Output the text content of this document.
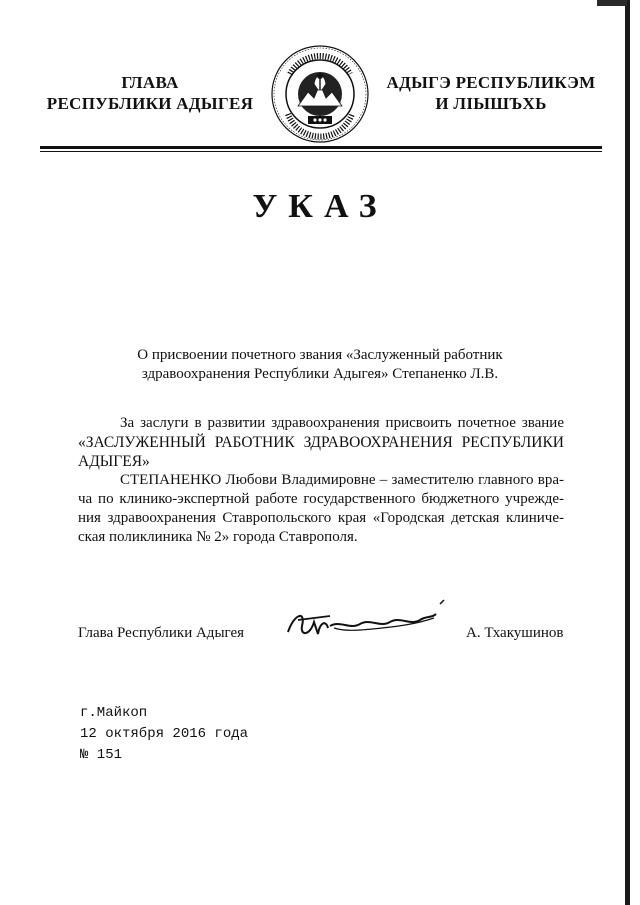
ГЛАВА
РЕСПУБЛИКИ АДЫГЕЯ
АДЫГЭ РЕСПУБЛИКЭМ
И ЛІЫШЪХЬ
УКАЗ
О присвоении почетного звания «Заслуженный работник
здравоохранения Республики Адыгея» Степаненко Л.В.
За заслуги в развитии здравоохранения присвоить почетное звание
«ЗАСЛУЖЕННЫЙ РАБОТНИК ЗДРАВООХРАНЕНИЯ РЕСПУБЛИКИ
АДЫГЕЯ»
СТЕПАНЕНКО Любови Владимировне – заместителю главного вра-
ча по клинико-экспертной работе государственного бюджетного учрежде-
ния здравоохранения Ставропольского края «Городская детская клиниче-
ская поликлиника № 2» города Ставрополя.
Глава Республики Адыгея	А. Тхакушинов
г.Майкоп
12 октября 2016 года
№ 151
